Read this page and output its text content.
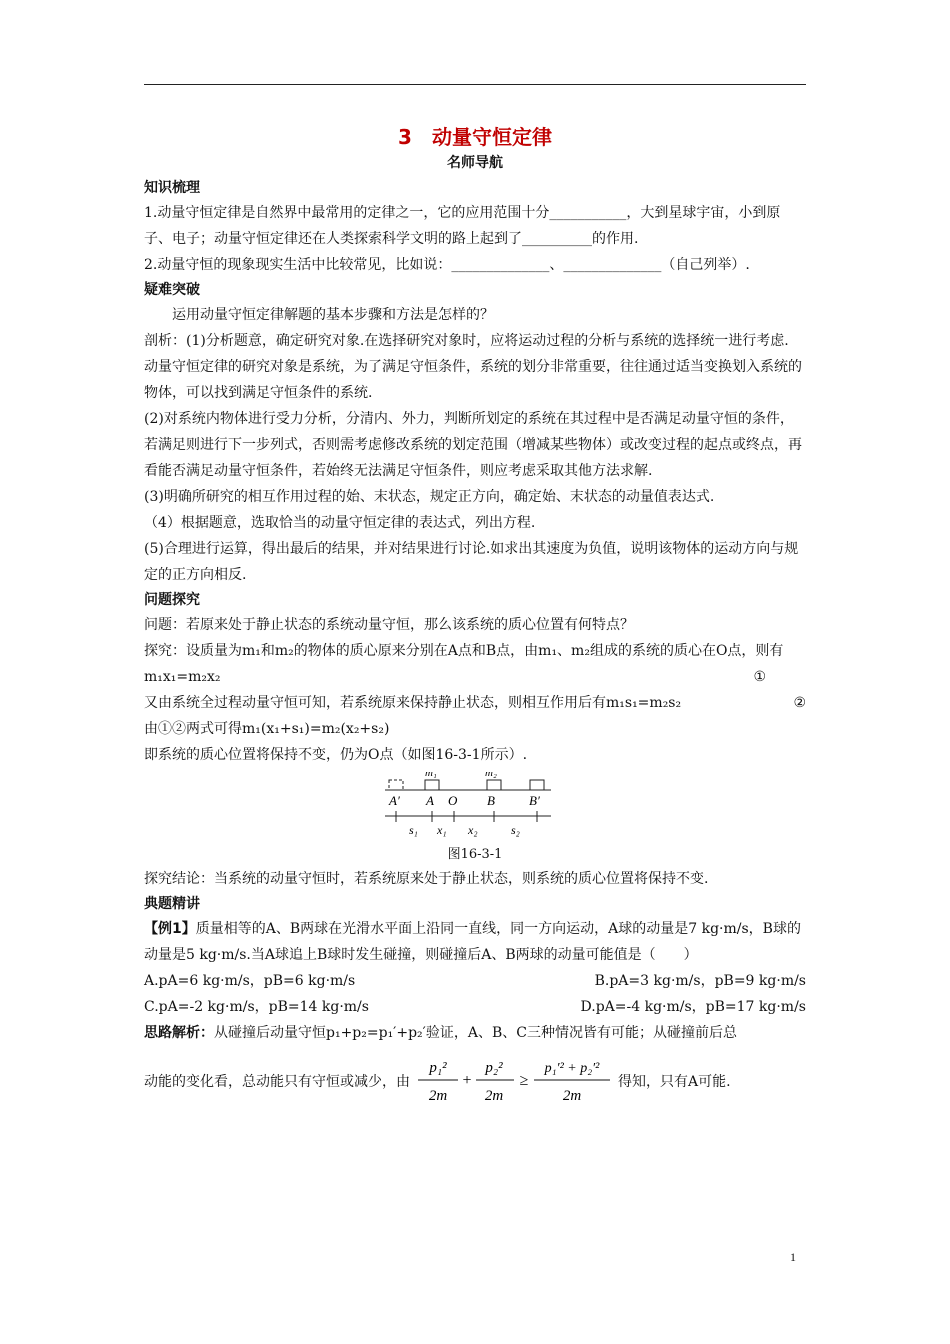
3　动量守恒定律
名师导航
知识梳理

1.动量守恒定律是自然界中最常用的定律之一，它的应用范围十分___________，大到星球宇宙，小到原子、电子；动量守恒定律还在人类探索科学文明的路上起到了__________的作用.

2.动量守恒的现象现实生活中比较常见，比如说：______________、______________（自己列举）.

疑难突破

运用动量守恒定律解题的基本步骤和方法是怎样的？

剖析：(1)分析题意，确定研究对象.在选择研究对象时，应将运动过程的分析与系统的选择统一进行考虑.

动量守恒定律的研究对象是系统，为了满足守恒条件，系统的划分非常重要，往往通过适当变换划入系统的物体，可以找到满足守恒条件的系统.

(2)对系统内物体进行受力分析，分清内、外力，判断所划定的系统在其过程中是否满足动量守恒的条件，若满足则进行下一步列式，否则需考虑修改系统的划定范围（增减某些物体）或改变过程的起点或终点，再看能否满足动量守恒条件，若始终无法满足守恒条件，则应考虑采取其他方法求解.

(3)明确所研究的相互作用过程的始、末状态，规定正方向，确定始、末状态的动量值表达式.

（4）根据题意，选取恰当的动量守恒定律的表达式，列出方程.

(5)合理进行运算，得出最后的结果，并对结果进行讨论.如求出其速度为负值，说明该物体的运动方向与规定的正方向相反.

问题探究

问题：若原来处于静止状态的系统动量守恒，那么该系统的质心位置有何特点？

探究：设质量为m₁和m₂的物体的质心原来分别在A点和B点，由m₁、m₂组成的系统的质心在O点，则有m₁x₁=m₂x₂	①

又由系统全过程动量守恒可知，若系统原来保持静止状态，则相互作用后有m₁s₁=m₂s₂	②

由①②两式可得m₁(x₁+s₁)=m₂(x₂+s₂)

即系统的质心位置将保持不变，仍为O点（如图16-3-1所示）.

m₁	m₂
A′ A O B	B′
s₁ x₁ x₂	s₂
图16-3-1

探究结论：当系统的动量守恒时，若系统原来处于静止状态，则系统的质心位置将保持不变.

典题精讲

【例1】质量相等的A、B两球在光滑水平面上沿同一直线，同一方向运动，A球的动量是7 kg·m/s，B球的动量是5 kg·m/s.当A球追上B球时发生碰撞，则碰撞后A、B两球的动量可能值是（　　）

A.pA=6 kg·m/s，pB=6 kg·m/s	B.pA=3 kg·m/s，pB=9 kg·m/s
C.pA=-2 kg·m/s，pB=14 kg·m/s	D.pA=-4 kg·m/s，pB=17 kg·m/s

思路解析：从碰撞后动量守恒p₁+p₂=p₁′+p₂′验证，A、B、C三种情况皆有可能；从碰撞前后总

动能的变化看，总动能只有守恒或减少，由
p₁²
2m
+
p₂²
2m
≥
p₁′² + p₂′²
2m
得知，只有A可能.
1
